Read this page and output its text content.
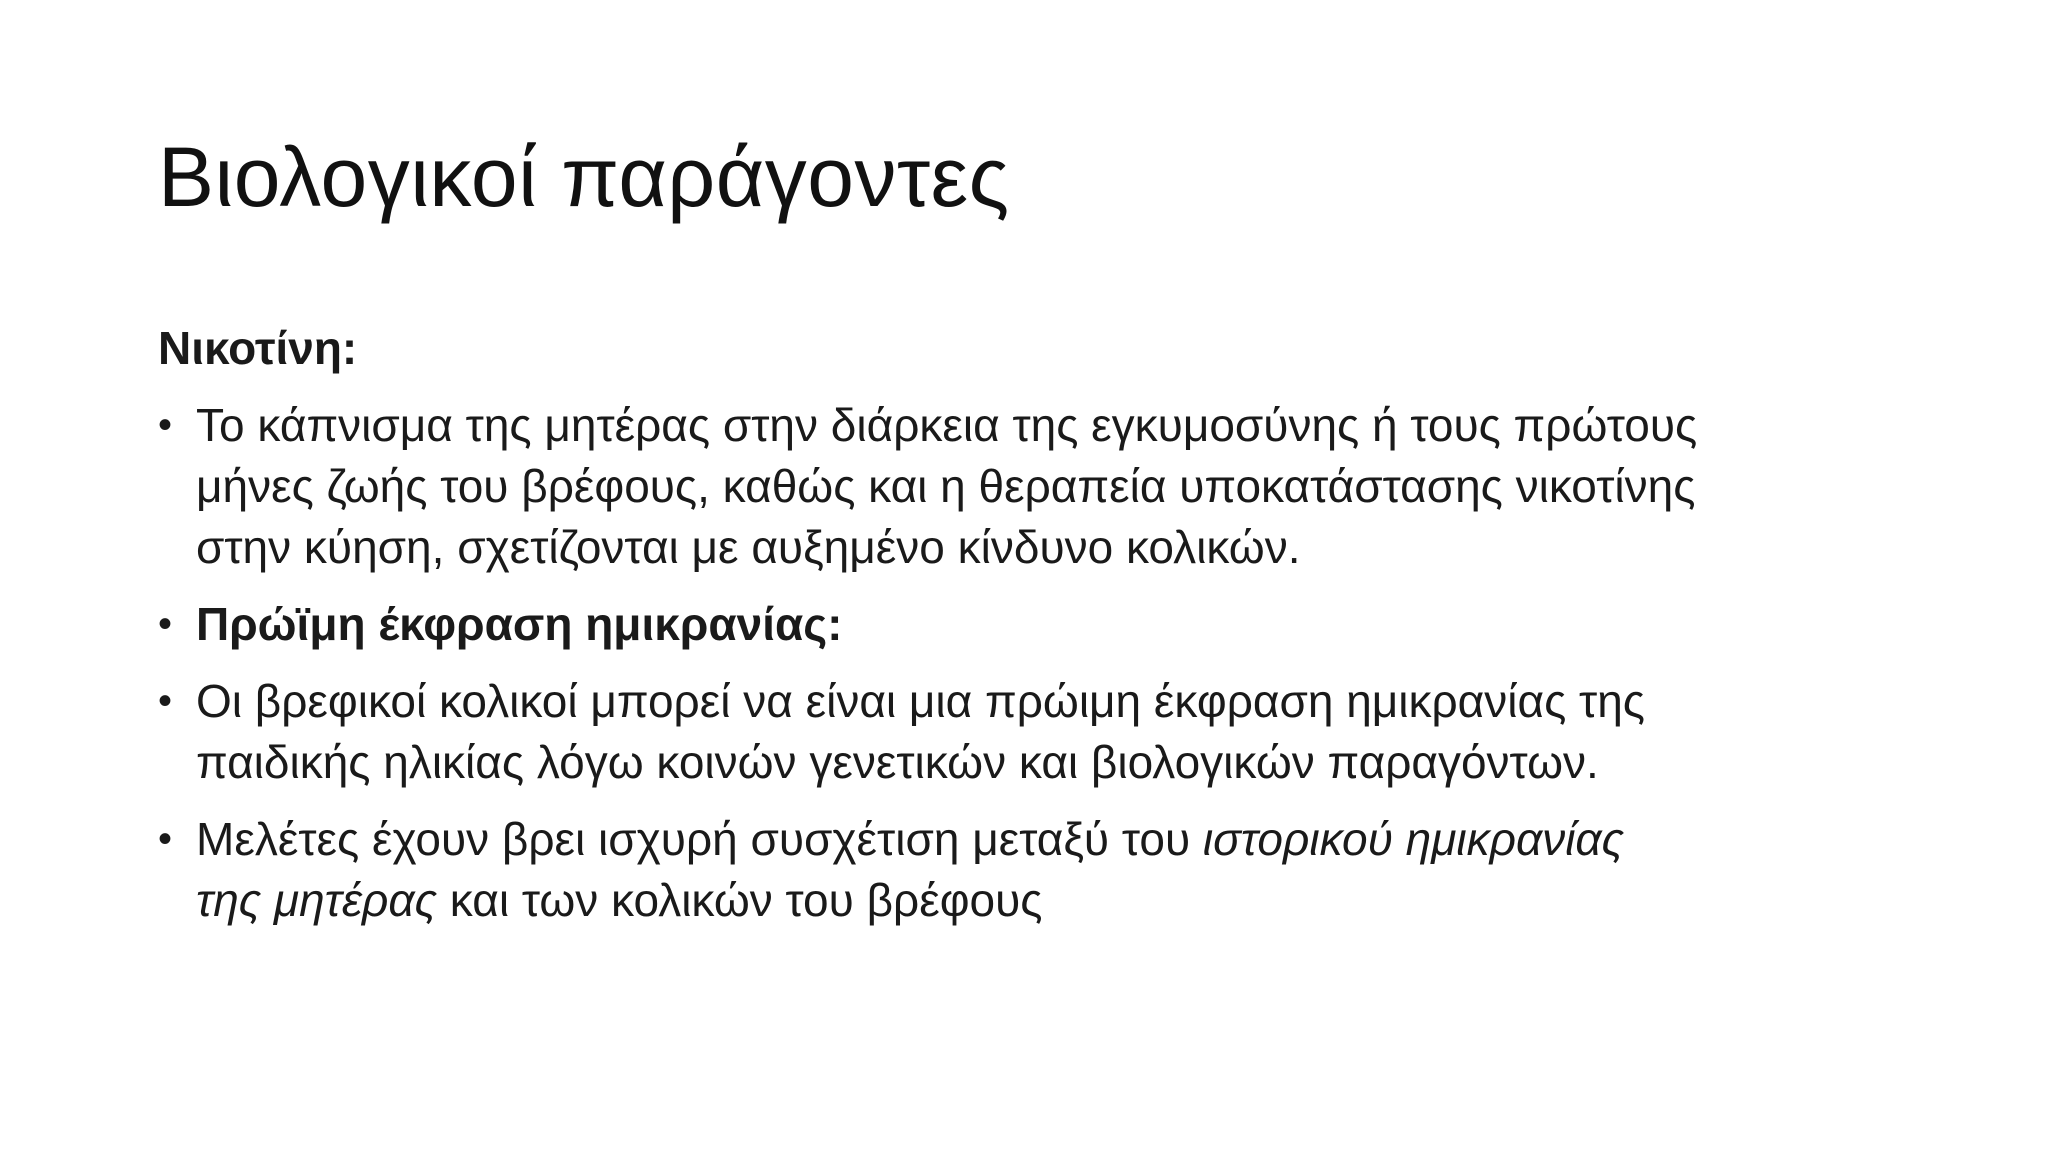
Βιολογικοί παράγοντες
Νικοτίνη:
• Το κάπνισμα της μητέρας στην διάρκεια της εγκυμοσύνης ή τους πρώτους
μήνες ζωής του βρέφους, καθώς και η θεραπεία υποκατάστασης νικοτίνης
στην κύηση, σχετίζονται με αυξημένο κίνδυνο κολικών.
• Πρώϊμη έκφραση ημικρανίας:
• Οι βρεφικοί κολικοί μπορεί να είναι μια πρώιμη έκφραση ημικρανίας της
παιδικής ηλικίας λόγω κοινών γενετικών και βιολογικών παραγόντων.
• Μελέτες έχουν βρει ισχυρή συσχέτιση μεταξύ του ιστορικού ημικρανίας
της μητέρας και των κολικών του βρέφους
